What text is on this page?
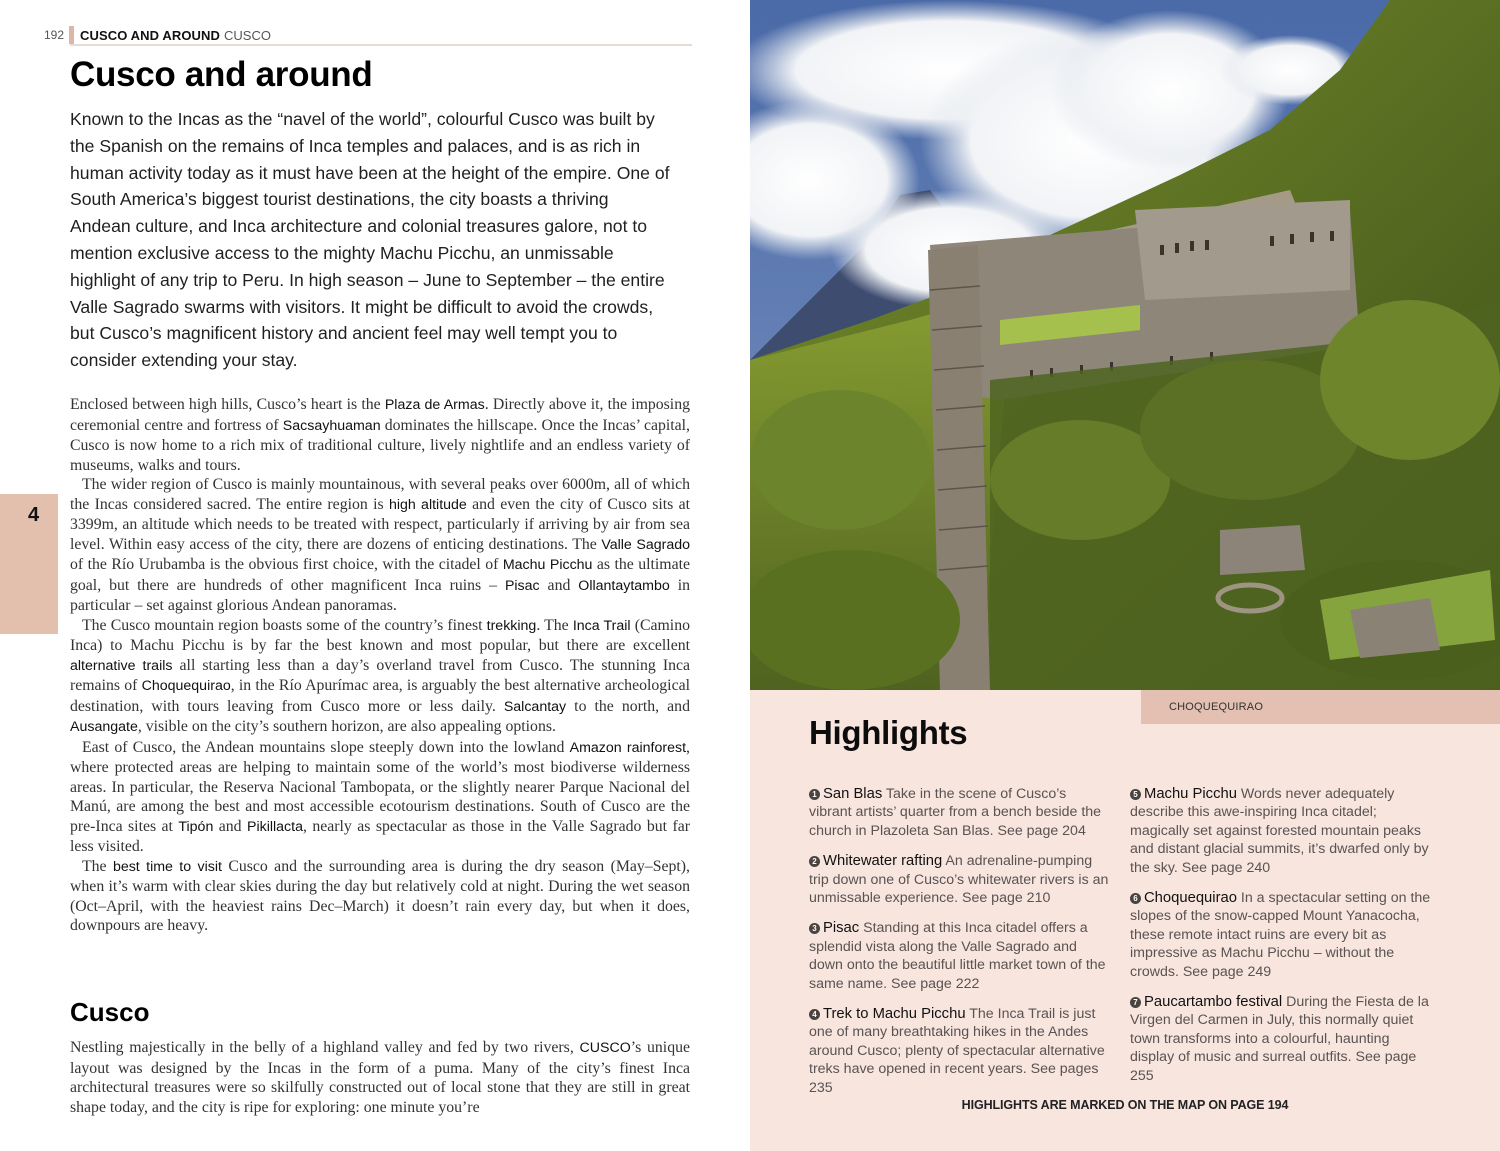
192 CUSCO AND AROUND CUSCO
Cusco and around

Known to the Incas as the “navel of the world”, colourful Cusco was built by the Spanish on the remains of Inca temples and palaces, and is as rich in human activity today as it must have been at the height of the empire. One of South America’s biggest tourist destinations, the city boasts a thriving Andean culture, and Inca architecture and colonial treasures galore, not to mention exclusive access to the mighty Machu Picchu, an unmissable highlight of any trip to Peru. In high season – June to September – the entire Valle Sagrado swarms with visitors. It might be difficult to avoid the crowds, but Cusco’s magnificent history and ancient feel may well tempt you to consider extending your stay.

4

Enclosed between high hills, Cusco’s heart is the Plaza de Armas. Directly above it, the imposing ceremonial centre and fortress of Sacsayhuaman dominates the hillscape. Once the Incas’ capital, Cusco is now home to a rich mix of traditional culture, lively nightlife and an endless variety of museums, walks and tours.

The wider region of Cusco is mainly mountainous, with several peaks over 6000m, all of which the Incas considered sacred. The entire region is high altitude and even the city of Cusco sits at 3399m, an altitude which needs to be treated with respect, particularly if arriving by air from sea level. Within easy access of the city, there are dozens of enticing destinations. The Valle Sagrado of the Río Urubamba is the obvious first choice, with the citadel of Machu Picchu as the ultimate goal, but there are hundreds of other magnificent Inca ruins – Pisac and Ollantaytambo in particular – set against glorious Andean panoramas.

The Cusco mountain region boasts some of the country’s finest trekking. The Inca Trail (Camino Inca) to Machu Picchu is by far the best known and most popular, but there are excellent alternative trails all starting less than a day’s overland travel from Cusco. The stunning Inca remains of Choquequirao, in the Río Apurímac area, is arguably the best alternative archeological destination, with tours leaving from Cusco more or less daily. Salcantay to the north, and Ausangate, visible on the city’s southern horizon, are also appealing options.

East of Cusco, the Andean mountains slope steeply down into the lowland Amazon rainforest, where protected areas are helping to maintain some of the world’s most biodiverse wilderness areas. In particular, the Reserva Nacional Tambopata, or the slightly nearer Parque Nacional del Manú, are among the best and most accessible ecotourism destinations. South of Cusco are the pre-Inca sites at Tipón and Pikillacta, nearly as spectacular as those in the Valle Sagrado but far less visited.

The best time to visit Cusco and the surrounding area is during the dry season (May–Sept), when it’s warm with clear skies during the day but relatively cold at night. During the wet season (Oct–April, with the heaviest rains Dec–March) it doesn’t rain every day, but when it does, downpours are heavy.

Cusco

Nestling majestically in the belly of a highland valley and fed by two rivers, CUSCO’s unique layout was designed by the Incas in the form of a puma. Many of the city’s finest Inca architectural treasures were so skilfully constructed out of local stone that they are still in great shape today, and the city is ripe for exploring: one minute you’re

CHOQUEQUIRAO
Highlights

1 San Blas Take in the scene of Cusco’s vibrant artists’ quarter from a bench beside the church in Plazoleta San Blas. See page 204

2 Whitewater rafting An adrenaline-pumping trip down one of Cusco’s whitewater rivers is an unmissable experience. See page 210

3 Pisac Standing at this Inca citadel offers a splendid vista along the Valle Sagrado and down onto the beautiful little market town of the same name. See page 222

4 Trek to Machu Picchu The Inca Trail is just one of many breathtaking hikes in the Andes around Cusco; plenty of spectacular alternative treks have opened in recent years. See pages 235

5 Machu Picchu Words never adequately describe this awe-inspiring Inca citadel; magically set against forested mountain peaks and distant glacial summits, it’s dwarfed only by the sky. See page 240

6 Choquequirao In a spectacular setting on the slopes of the snow-capped Mount Yanacocha, these remote intact ruins are every bit as impressive as Machu Picchu – without the crowds. See page 249

7 Paucartambo festival During the Fiesta de la Virgen del Carmen in July, this normally quiet town transforms into a colourful, haunting display of music and surreal outfits. See page 255

HIGHLIGHTS ARE MARKED ON THE MAP ON PAGE 194
